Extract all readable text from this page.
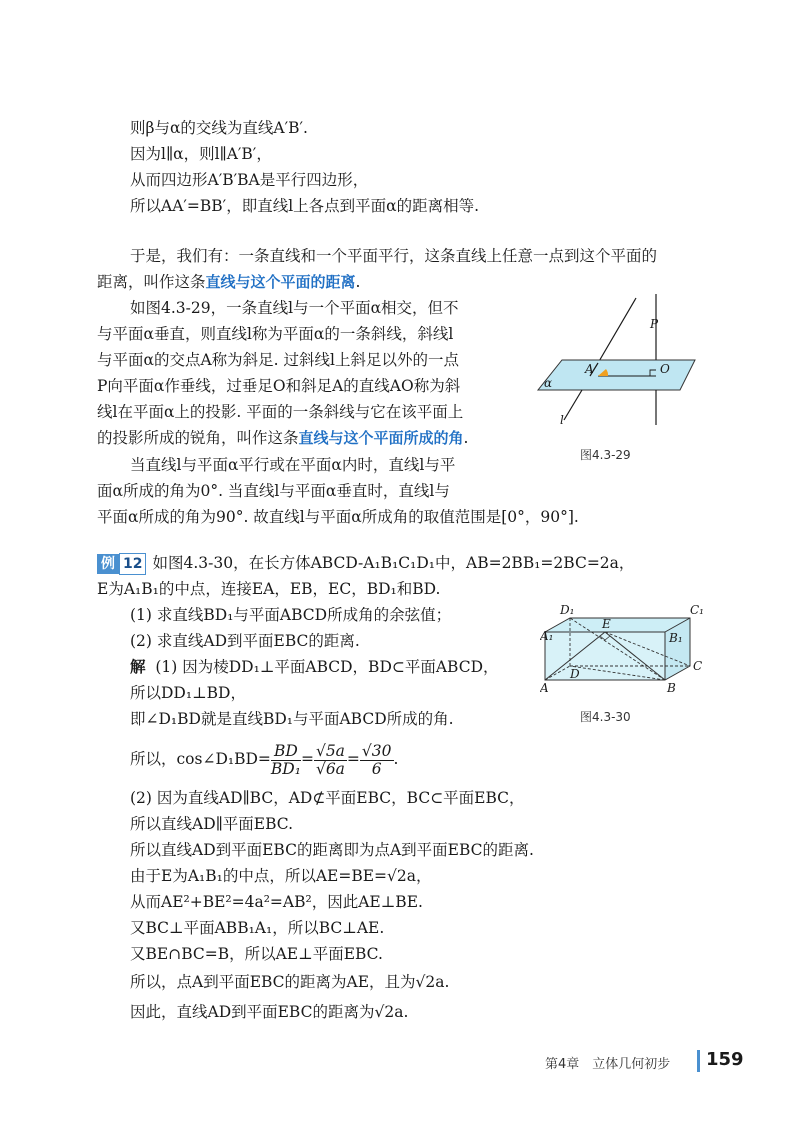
则β与α的交线为直线A′B′.
因为l∥α，则l∥A′B′，
从而四边形A′B′BA是平行四边形，
所以AA′=BB′，即直线l上各点到平面α的距离相等.
于是，我们有：一条直线和一个平面平行，这条直线上任意一点到这个平面的
距离，叫作这条直线与这个平面的距离.
如图4.3-29，一条直线l与一个平面α相交，但不
与平面α垂直，则直线l称为平面α的一条斜线，斜线l
与平面α的交点A称为斜足. 过斜线l上斜足以外的一点
P向平面α作垂线，过垂足O和斜足A的直线AO称为斜
线l在平面α上的投影. 平面的一条斜线与它在该平面上
的投影所成的锐角，叫作这条直线与这个平面所成的角.
P
A	O
α
l
图4.3-29
当直线l与平面α平行或在平面α内时，直线l与平
面α所成的角为0°. 当直线l与平面α垂直时，直线l与
平面α所成的角为90°. 故直线l与平面α所成角的取值范围是[0°，90°].
例 12 如图4.3-30，在长方体ABCD-A₁B₁C₁D₁中，AB=2BB₁=2BC=2a，
E为A₁B₁的中点，连接EA，EB，EC，BD₁和BD.
(1) 求直线BD₁与平面ABCD所成角的余弦值；
(2) 求直线AD到平面EBC的距离.
解 (1) 因为棱DD₁⊥平面ABCD，BD⊂平面ABCD，
所以DD₁⊥BD，
即∠D₁BD就是直线BD₁与平面ABCD所成的角.
所以，cos∠D₁BD= $\frac{BD}{\text{BD₁}} = \frac{√5a}{√6a} = \frac{√30}{6}$ .
D₁	C₁
A₁
E
B₁
D
C
A	B
图4.3-30
(2) 因为直线AD∥BC，AD⊄平面EBC，BC⊂平面EBC，
所以直线AD∥平面EBC.
所以直线AD到平面EBC的距离即为点A到平面EBC的距离.
由于E为A₁B₁的中点，所以AE=BE=√2a，
从而AE²+BE²=4a²=AB²，因此AE⊥BE.
又BC⊥平面ABB₁A₁，所以BC⊥AE.
又BE∩BC=B，所以AE⊥平面EBC.
所以，点A到平面EBC的距离为AE，且为√2a.
因此，直线AD到平面EBC的距离为√2a.
第4章　立体几何初步 159
